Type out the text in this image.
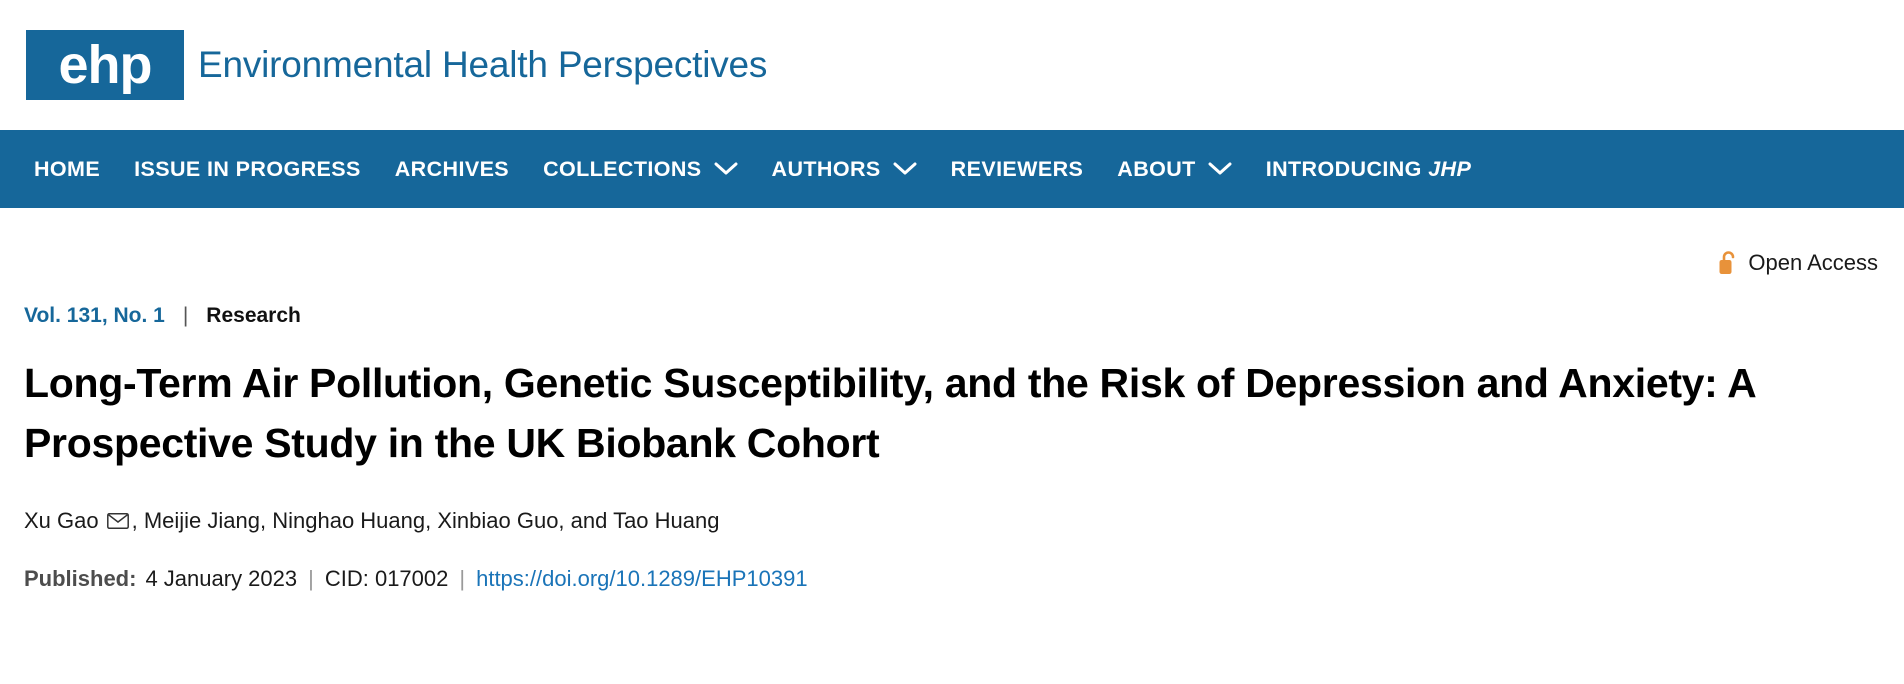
ehp Environmental Health Perspectives
HOME ISSUE IN PROGRESS ARCHIVES COLLECTIONS	AUTHORS	REVIEWERS ABOUT	INTRODUCING JHP
Open Access
Vol. 131, No. 1 | Research
Long-Term Air Pollution, Genetic Susceptibility, and the Risk of Depression and Anxiety: A Prospective Study in the UK Biobank Cohort
Xu Gao , Meijie Jiang, Ninghao Huang, Xinbiao Guo, and Tao Huang
Published: 4 January 2023 | CID: 017002 | https://doi.org/10.1289/EHP10391
